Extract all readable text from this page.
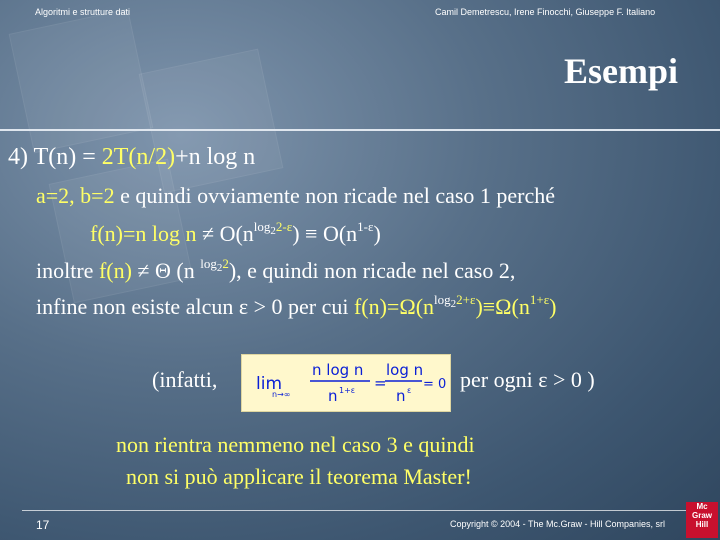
Algoritmi e strutture dati	Camil Demetrescu, Irene Finocchi, Giuseppe F. Italiano
Esempi
4) T(n) = 2T(n/2)+n log n
a=2, b=2 e quindi ovviamente non ricade nel caso 1 perché
f(n)=n $\log n \ne O(n^{log_22-\varepsilon}) \equiv O(n^{1-\varepsilon})$
inoltre f(n) ≠ Θ (n $^{log_22}$), e quindi non ricade nel caso 2,
infine non esiste alcun ε > 0 per cui $f(n)=\Omega(n^{log_22+\varepsilon})\equiv\Omega(n^{1+\varepsilon})$
(infatti, lim
n→∞
n log n
n 1+ε =
log n
n ε = 0 per ogni ε > 0 )
non rientra nemmeno nel caso 3 e quindi
non si può applicare il teorema Master!
17	Copyright © 2004 - The Mc.Graw - Hill Companies, srl
Mc
Graw
Hill
